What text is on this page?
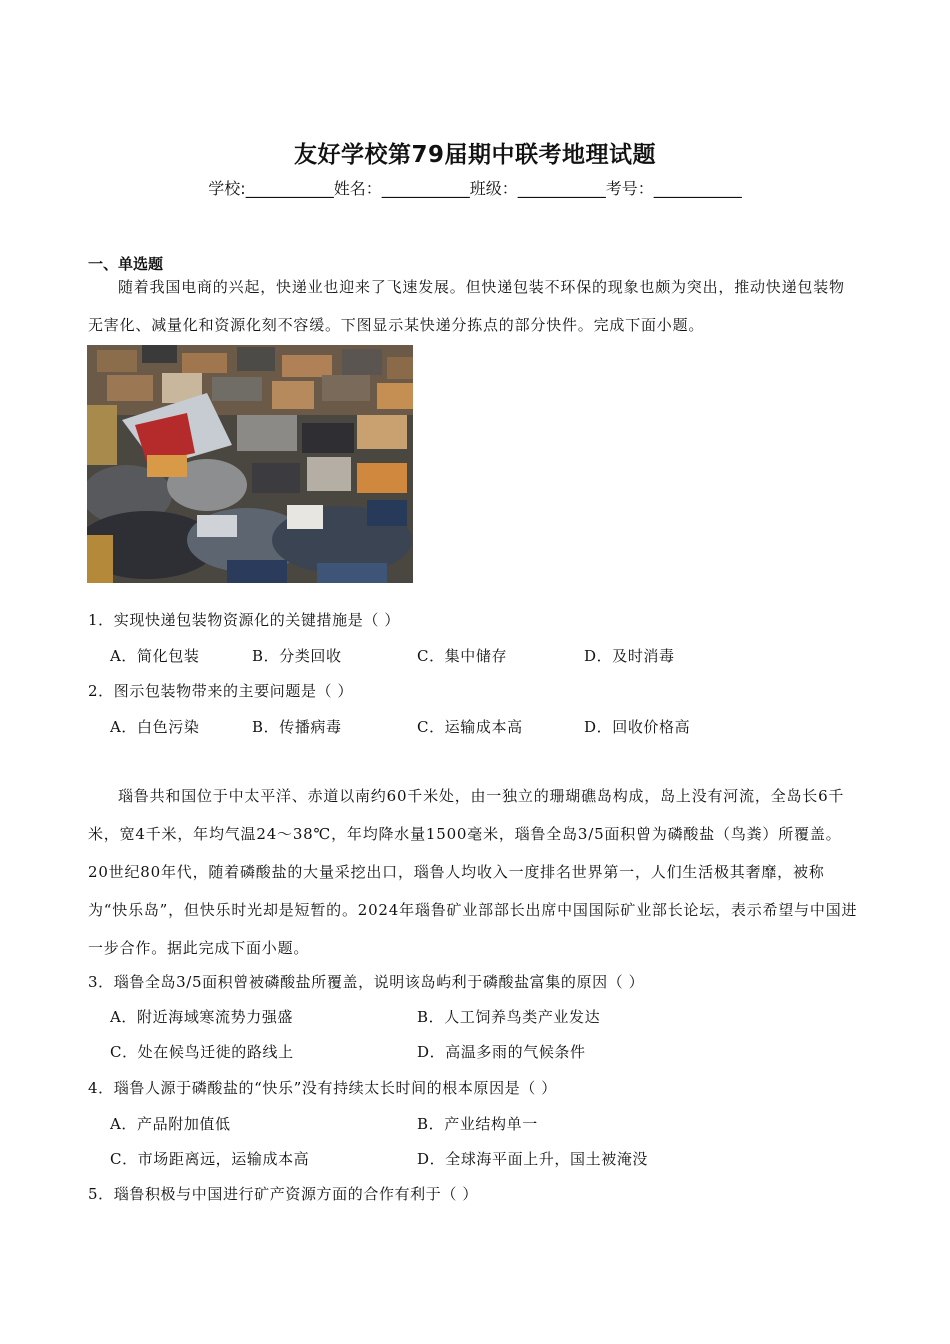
友好学校第79届期中联考地理试题
学校:___________姓名：___________班级：___________考号：___________
一、单选题
随着我国电商的兴起，快递业也迎来了飞速发展。但快递包装不环保的现象也颇为突出，推动快递包装物无害化、减量化和资源化刻不容缓。下图显示某快递分拣点的部分快件。完成下面小题。
1．实现快递包装物资源化的关键措施是（ ）
A．简化包装	B．分类回收	C．集中储存	D．及时消毒
2．图示包装物带来的主要问题是（ ）
A．白色污染	B．传播病毒	C．运输成本高	D．回收价格高
瑙鲁共和国位于中太平洋、赤道以南约60千米处，由一独立的珊瑚礁岛构成，岛上没有河流，全岛长6千米，宽4千米，年均气温24～38℃，年均降水量1500毫米，瑙鲁全岛3/5面积曾为磷酸盐（鸟粪）所覆盖。20世纪80年代，随着磷酸盐的大量采挖出口，瑙鲁人均收入一度排名世界第一，人们生活极其奢靡，被称为“快乐岛”，但快乐时光却是短暂的。2024年瑙鲁矿业部部长出席中国国际矿业部长论坛，表示希望与中国进一步合作。据此完成下面小题。
3．瑙鲁全岛3/5面积曾被磷酸盐所覆盖，说明该岛屿利于磷酸盐富集的原因（ ）
A．附近海域寒流势力强盛	B．人工饲养鸟类产业发达
C．处在候鸟迁徙的路线上	D．高温多雨的气候条件
4．瑙鲁人源于磷酸盐的“快乐”没有持续太长时间的根本原因是（ ）
A．产品附加值低	B．产业结构单一
C．市场距离远，运输成本高	D．全球海平面上升，国土被淹没
5．瑙鲁积极与中国进行矿产资源方面的合作有利于（ ）
